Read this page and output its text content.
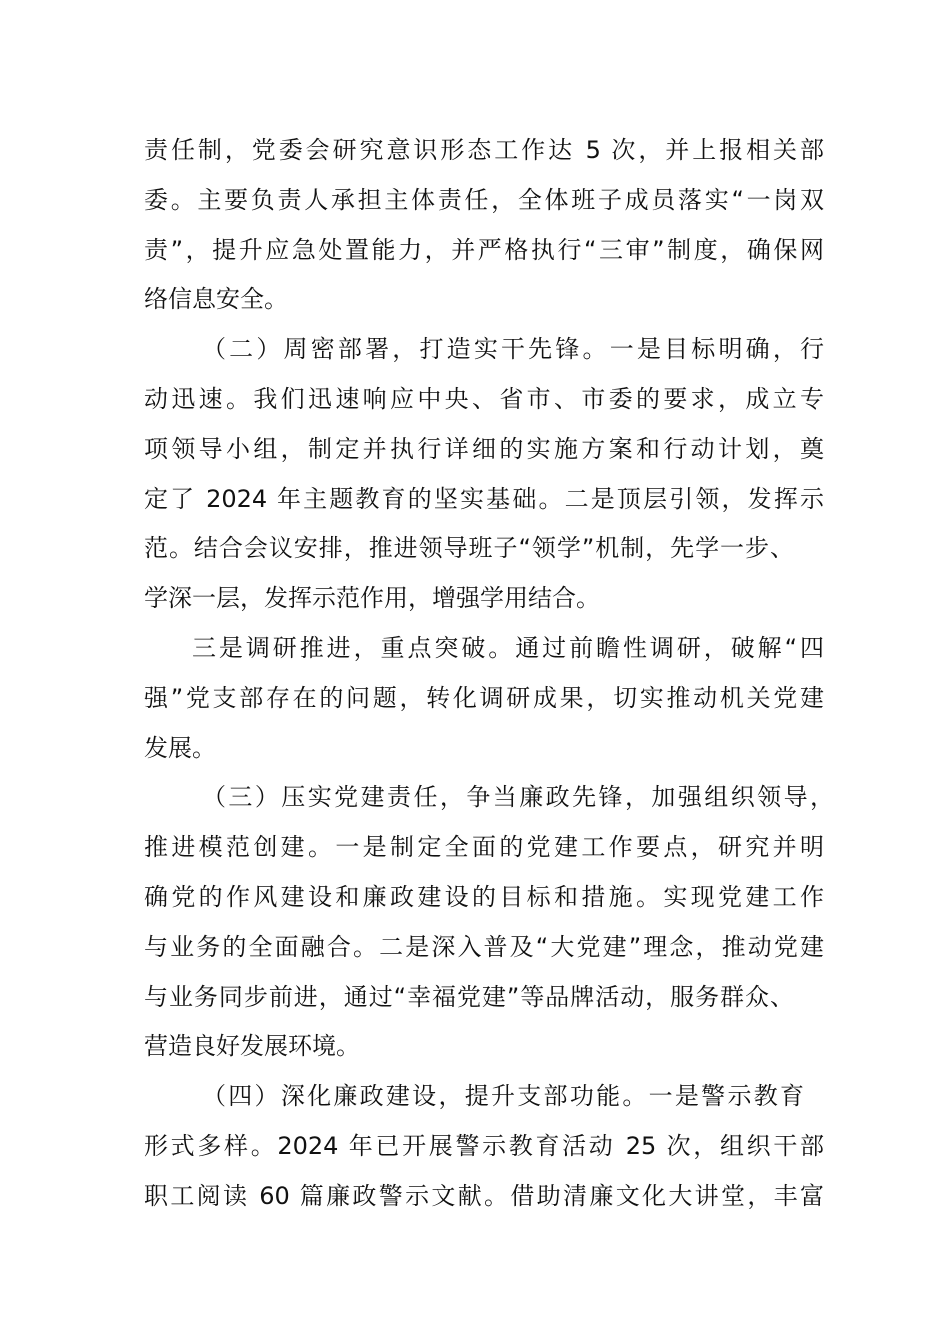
责任制，党委会研究意识形态工作达 5 次，并上报相关部
委。主要负责人承担主体责任，全体班子成员落实“一岗双
责”，提升应急处置能力，并严格执行“三审”制度，确保网
络信息安全。
（二）周密部署，打造实干先锋。一是目标明确，行
动迅速。我们迅速响应中央、省市、市委的要求，成立专
项领导小组，制定并执行详细的实施方案和行动计划，奠
定了 2024 年主题教育的坚实基础。二是顶层引领，发挥示
范。结合会议安排，推进领导班子“领学”机制，先学一步、
学深一层，发挥示范作用，增强学用结合。
三是调研推进，重点突破。通过前瞻性调研，破解“四
强”党支部存在的问题，转化调研成果，切实推动机关党建
发展。
（三）压实党建责任，争当廉政先锋，加强组织领导，
推进模范创建。一是制定全面的党建工作要点，研究并明
确党的作风建设和廉政建设的目标和措施。实现党建工作
与业务的全面融合。二是深入普及“大党建”理念，推动党建
与业务同步前进，通过“幸福党建”等品牌活动，服务群众、
营造良好发展环境。
（四）深化廉政建设，提升支部功能。一是警示教育
形式多样。2024 年已开展警示教育活动 25 次，组织干部
职工阅读 60 篇廉政警示文献。借助清廉文化大讲堂，丰富
